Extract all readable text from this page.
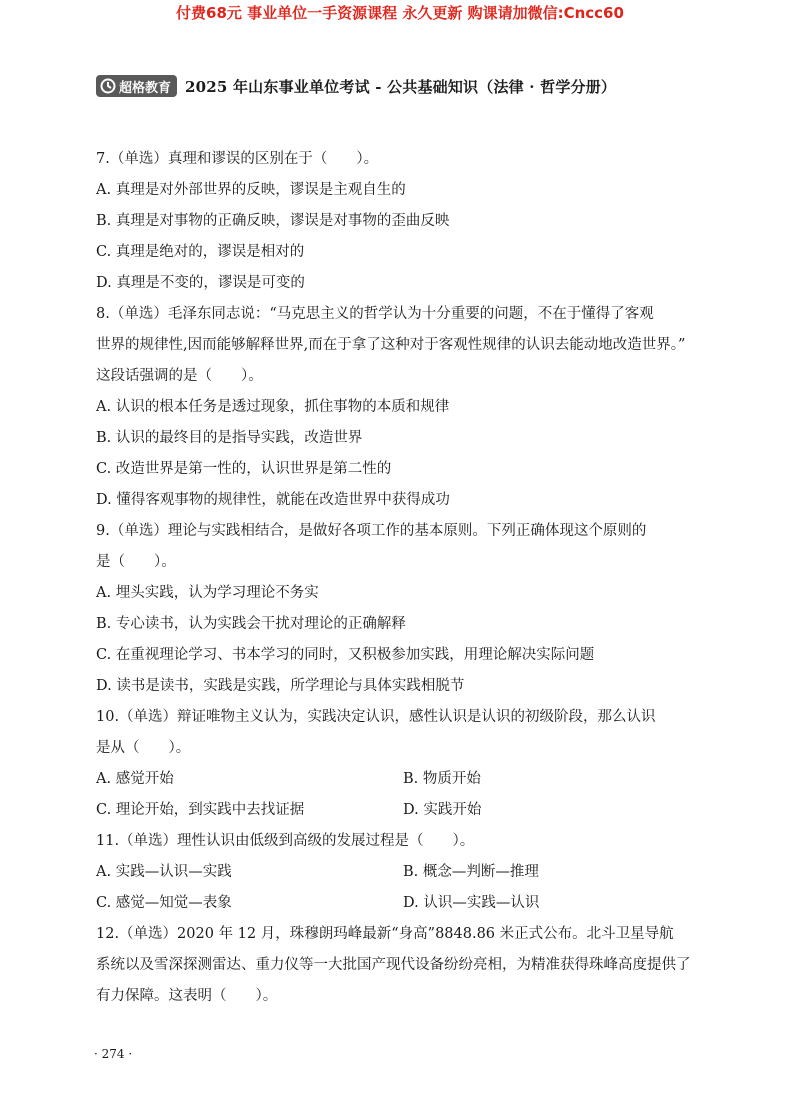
付费68元 事业单位一手资源课程 永久更新 购课请加微信:Cncc60
超格教育 2025 年山东事业单位考试 - 公共基础知识（法律 · 哲学分册）
7.（单选）真理和谬误的区别在于（　　）。
A. 真理是对外部世界的反映，谬误是主观自生的
B. 真理是对事物的正确反映，谬误是对事物的歪曲反映
C. 真理是绝对的，谬误是相对的
D. 真理是不变的，谬误是可变的
8.（单选）毛泽东同志说：“马克思主义的哲学认为十分重要的问题，不在于懂得了客观
世界的规律性,因而能够解释世界,而在于拿了这种对于客观性规律的认识去能动地改造世界。”
这段话强调的是（　　）。
A. 认识的根本任务是透过现象，抓住事物的本质和规律
B. 认识的最终目的是指导实践，改造世界
C. 改造世界是第一性的，认识世界是第二性的
D. 懂得客观事物的规律性，就能在改造世界中获得成功
9.（单选）理论与实践相结合，是做好各项工作的基本原则。下列正确体现这个原则的
是（　　）。
A. 埋头实践，认为学习理论不务实
B. 专心读书，认为实践会干扰对理论的正确解释
C. 在重视理论学习、书本学习的同时，又积极参加实践，用理论解决实际问题
D. 读书是读书，实践是实践，所学理论与具体实践相脱节
10.（单选）辩证唯物主义认为，实践决定认识，感性认识是认识的初级阶段，那么认识
是从（　　）。
A. 感觉开始	B. 物质开始
C. 理论开始，到实践中去找证据	D. 实践开始
11.（单选）理性认识由低级到高级的发展过程是（　　）。
A. 实践—认识—实践	B. 概念—判断—推理
C. 感觉—知觉—表象	D. 认识—实践—认识
12.（单选）2020 年 12 月，珠穆朗玛峰最新“身高”8848.86 米正式公布。北斗卫星导航
系统以及雪深探测雷达、重力仪等一大批国产现代设备纷纷亮相，为精准获得珠峰高度提供了
有力保障。这表明（　　）。
· 274 ·
